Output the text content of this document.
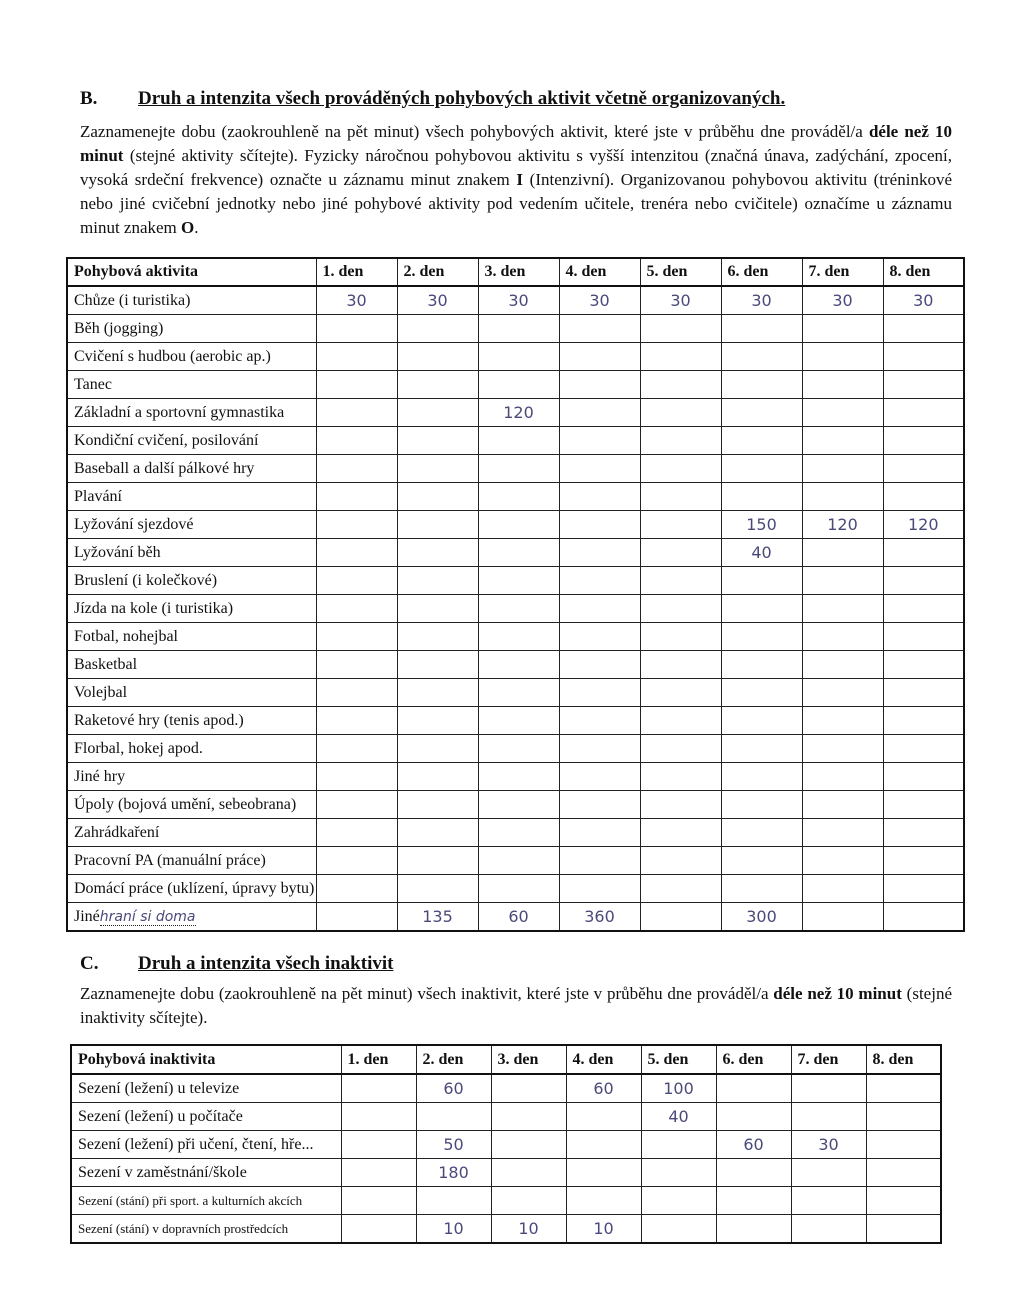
B. Druh a intenzita všech prováděných pohybových aktivit včetně organizovaných.
Zaznamenejte dobu (zaokrouhleně na pět minut) všech pohybových aktivit, které jste v průběhu dne prováděl/a déle než 10 minut (stejné aktivity sčítejte). Fyzicky náročnou pohybovou aktivitu s vyšší intenzitou (značná únava, zadýchání, zpocení, vysoká srdeční frekvence) označte u záznamu minut znakem I (Intenzivní). Organizovanou pohybovou aktivitu (tréninkové nebo jiné cvičební jednotky nebo jiné pohybové aktivity pod vedením učitele, trenéra nebo cvičitele) označíme u záznamu minut znakem O.
Pohybová aktivita	1. den	2. den	3. den	4. den	5. den	6. den	7. den	8. den
Chůze (i turistika)	30	30	30	30	30	30	30	30
Běh (jogging)								
Cvičení s hudbou (aerobic ap.)								
Tanec								
Základní a sportovní gymnastika			120					
Kondiční cvičení, posilování								
Baseball a další pálkové hry								
Plavání								
Lyžování sjezdové						150	120	120
Lyžování běh						40		
Bruslení (i kolečkové)								
Jízda na kole (i turistika)								
Fotbal, nohejbal								
Basketbal								
Volejbal								
Raketové hry (tenis apod.)								
Florbal, hokej apod.								
Jiné hry								
Úpoly (bojová umění, sebeobrana)								
Zahrádkaření								
Pracovní PA (manuální práce)								
Domácí práce (uklízení, úpravy bytu)								
Jinéhraní si doma		135	60	360		300		
C. Druh a intenzita všech inaktivit
Zaznamenejte dobu (zaokrouhleně na pět minut) všech inaktivit, které jste v průběhu dne prováděl/a déle než 10 minut (stejné inaktivity sčítejte).
Pohybová inaktivita	1. den	2. den	3. den	4. den	5. den	6. den	7. den	8. den
Sezení (ležení) u televize		60		60	100			
Sezení (ležení) u počítače					40			
Sezení (ležení) při učení, čtení, hře...		50				60	30	
Sezení v zaměstnání/škole		180						
Sezení (stání) při sport. a kulturních akcích								
Sezení (stání) v dopravních prostředcích		10	10	10				
